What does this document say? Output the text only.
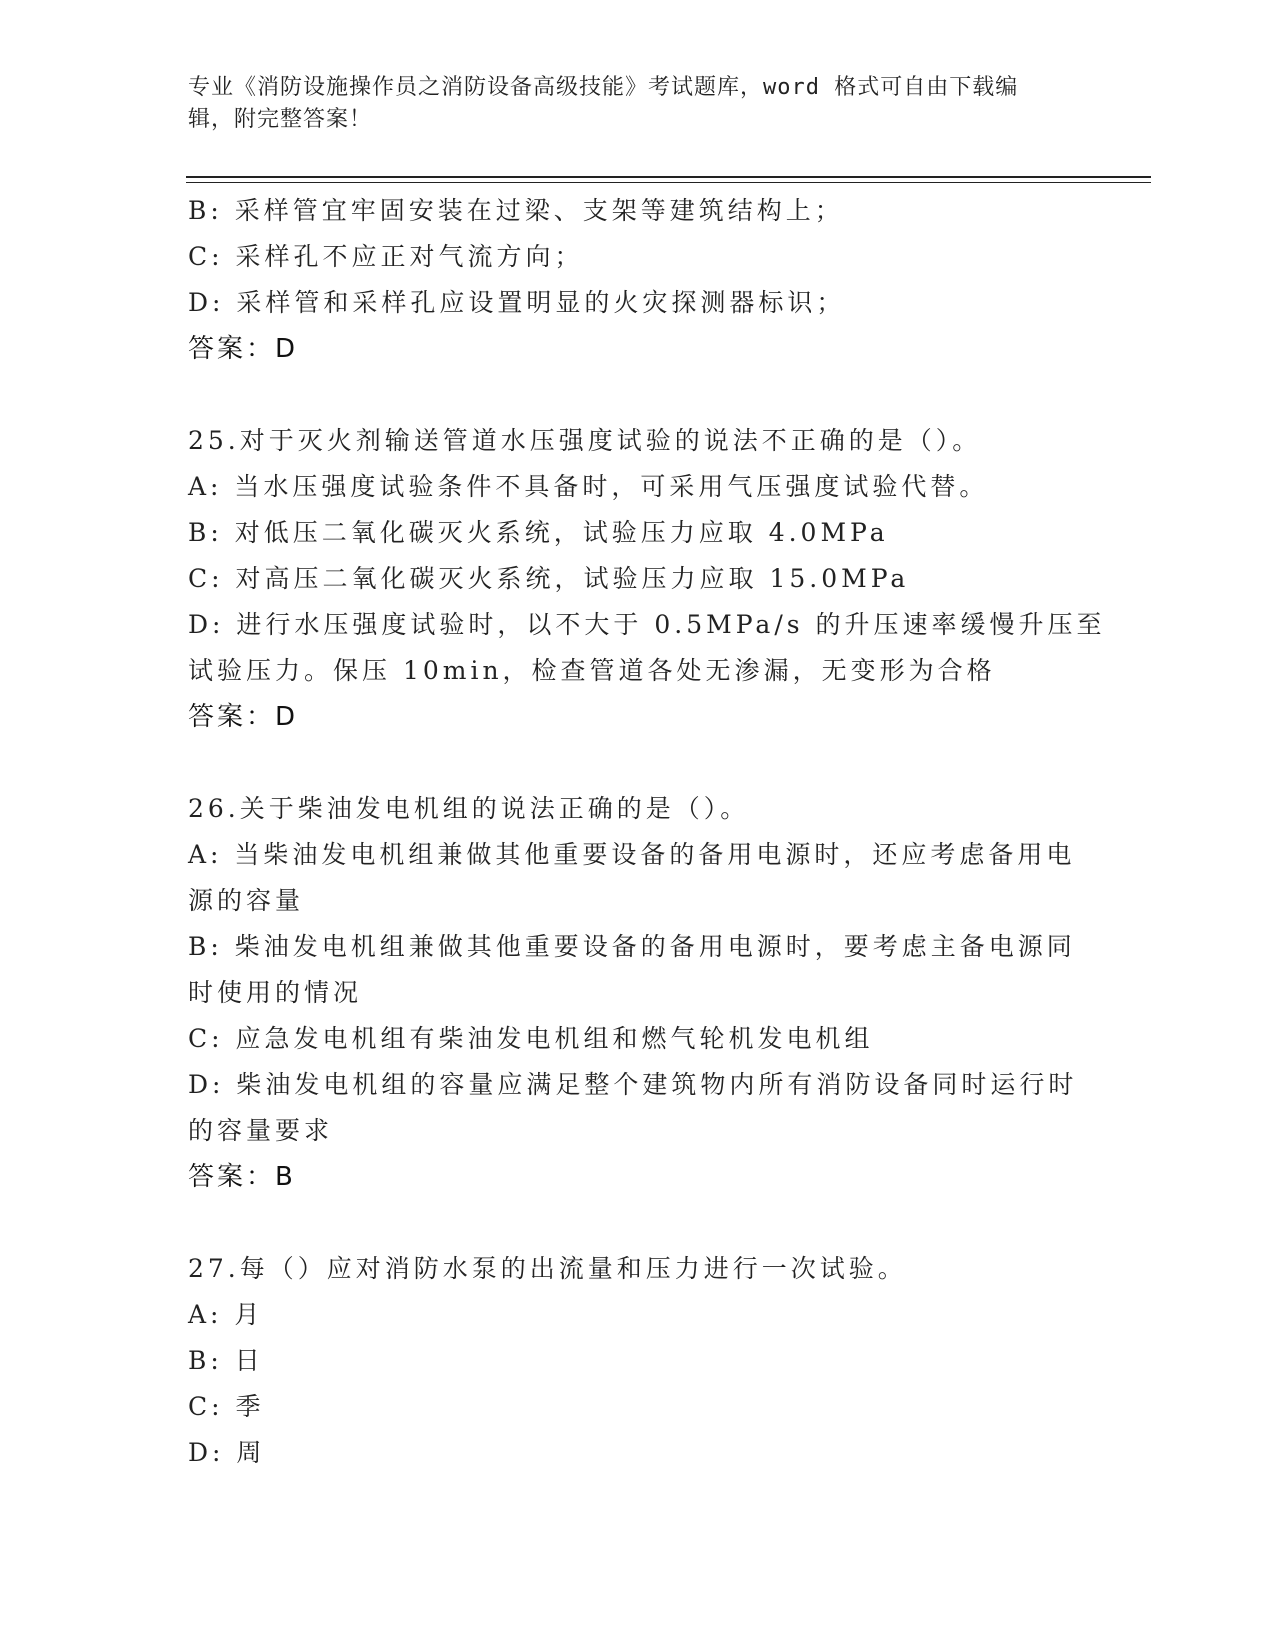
专业《消防设施操作员之消防设备高级技能》考试题库，word 格式可自由下载编
辑，附完整答案！
B: 采样管宜牢固安装在过梁、支架等建筑结构上；
C: 采样孔不应正对气流方向；
D: 采样管和采样孔应设置明显的火灾探测器标识；
答案：D
25.对于灭火剂输送管道水压强度试验的说法不正确的是（）。
A: 当水压强度试验条件不具备时，可采用气压强度试验代替。
B: 对低压二氧化碳灭火系统，试验压力应取 4.0MPa
C: 对高压二氧化碳灭火系统，试验压力应取 15.0MPa
D: 进行水压强度试验时，以不大于 0.5MPa/s 的升压速率缓慢升压至
试验压力。保压 10min，检查管道各处无渗漏，无变形为合格
答案：D
26.关于柴油发电机组的说法正确的是（）。
A: 当柴油发电机组兼做其他重要设备的备用电源时，还应考虑备用电
源的容量
B: 柴油发电机组兼做其他重要设备的备用电源时，要考虑主备电源同
时使用的情况
C: 应急发电机组有柴油发电机组和燃气轮机发电机组
D: 柴油发电机组的容量应满足整个建筑物内所有消防设备同时运行时
的容量要求
答案：B
27.每（）应对消防水泵的出流量和压力进行一次试验。
A: 月
B: 日
C: 季
D: 周
